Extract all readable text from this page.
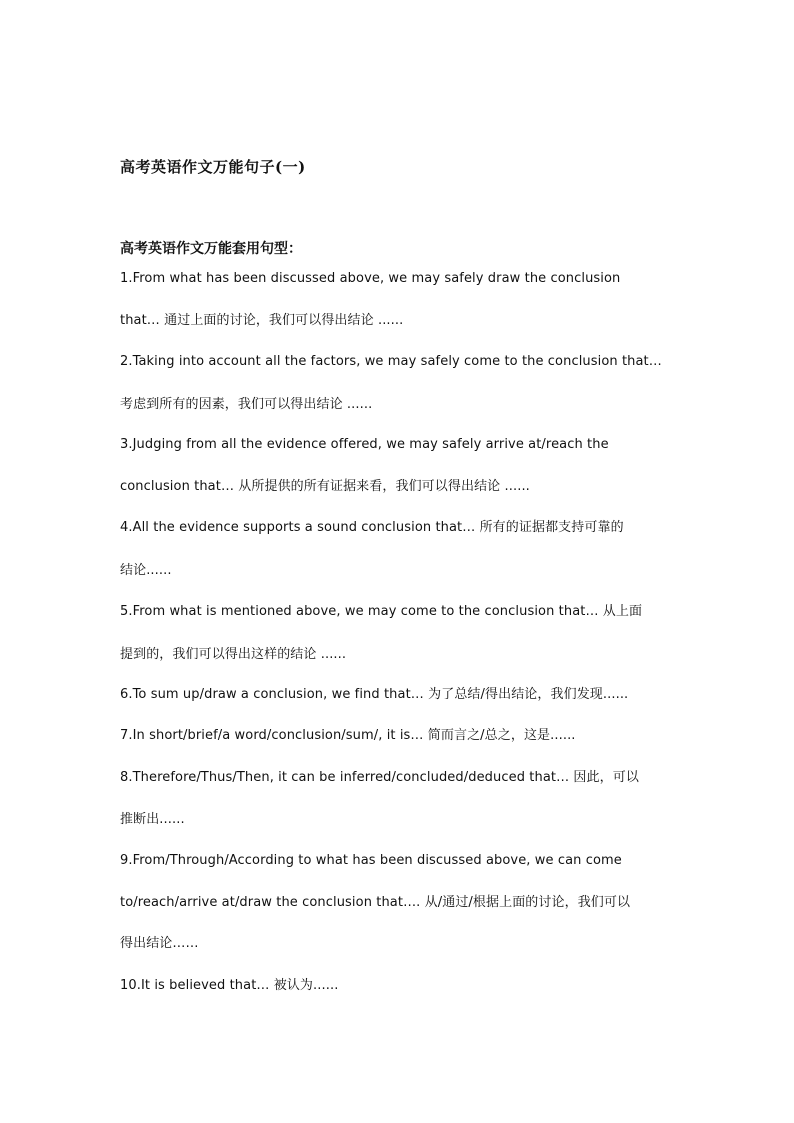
高考英语作文万能句子(一)
高考英语作文万能套用句型：
1.From what has been discussed above, we may safely draw the conclusion
that… 通过上面的讨论，我们可以得出结论 ......
2.Taking into account all the factors, we may safely come to the conclusion that…
考虑到所有的因素，我们可以得出结论 ......
3.Judging from all the evidence offered, we may safely arrive at/reach the
conclusion that… 从所提供的所有证据来看，我们可以得出结论 ......
4.All the evidence supports a sound conclusion that… 所有的证据都支持可靠的
结论......
5.From what is mentioned above, we may come to the conclusion that… 从上面
提到的，我们可以得出这样的结论 ......
6.To sum up/draw a conclusion, we find that… 为了总结/得出结论，我们发现......
7.In short/brief/a word/conclusion/sum/, it is… 简而言之/总之，这是......
8.Therefore/Thus/Then, it can be inferred/concluded/deduced that… 因此，可以
推断出......
9.From/Through/According to what has been discussed above, we can come
to/reach/arrive at/draw the conclusion that…. 从/通过/根据上面的讨论，我们可以
得出结论……
10.It is believed that… 被认为......
